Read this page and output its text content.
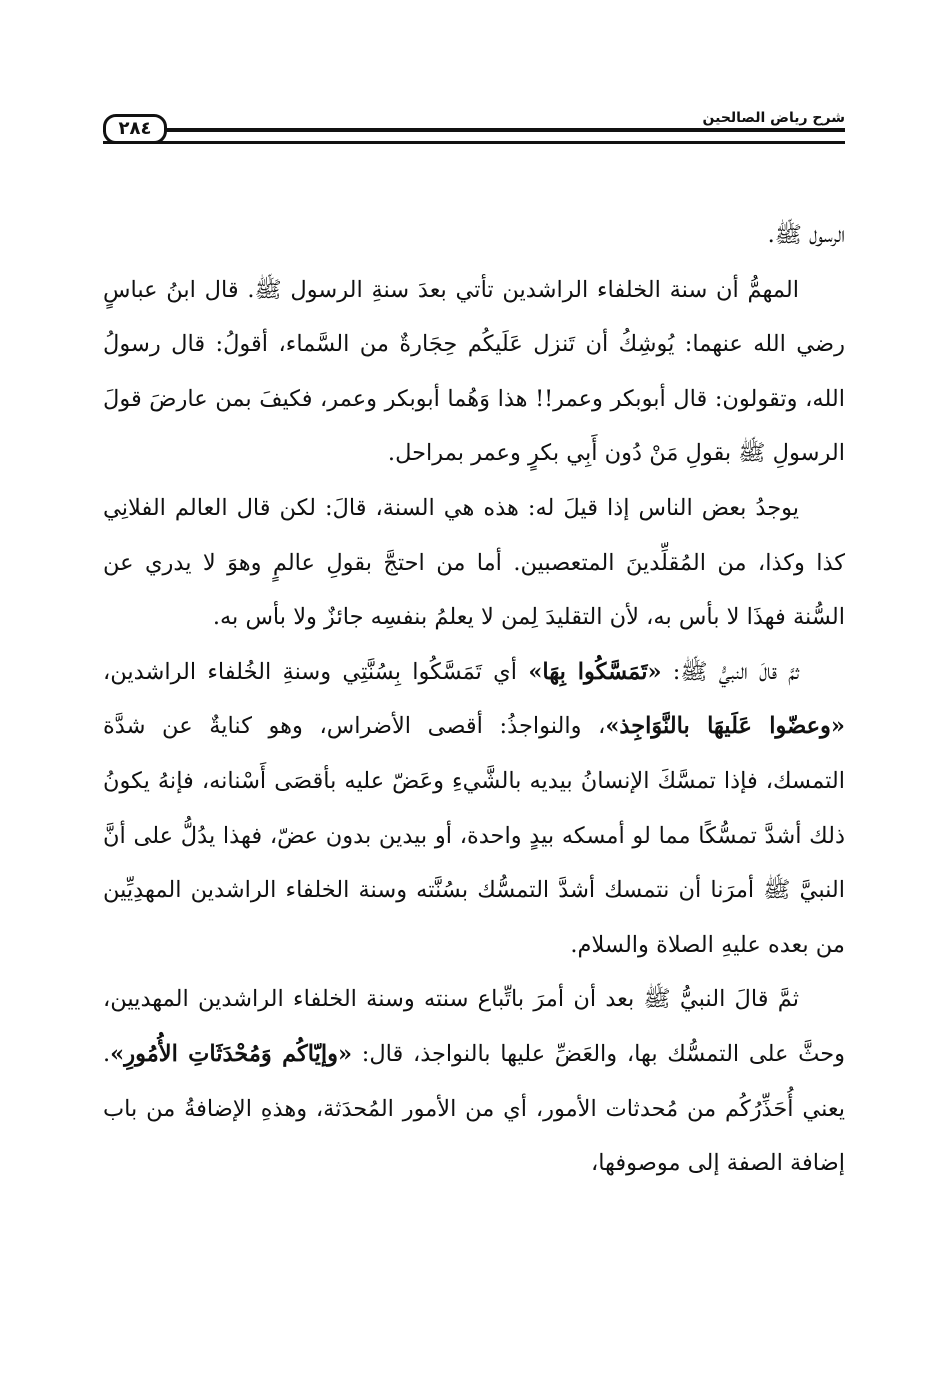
شرح رياض الصالحين
٢٨٤

الرسول ﷺ.

المهمُّ أن سنة الخلفاء الراشدين تأتي بعدَ سنةِ الرسول ﷺ. قال ابنُ عباسٍ رضي الله عنهما: يُوشِكُ أن تَنزل عَلَيكُم حِجَارةٌ من السَّماء، أقولُ: قال رسولُ الله، وتقولون: قال أبوبكر وعمر!! هذا وَهُما أبوبكر وعمر، فكيفَ بمن عارضَ قولَ الرسولِ ﷺ بقولِ مَنْ دُون أَبِي بكرٍ وعمر بمراحل.

يوجدُ بعض الناس إذا قيلَ له: هذه هي السنة، قالَ: لكن قال العالم الفلانِي كذا وكذا، من المُقلِّدينَ المتعصبين. أما من احتجَّ بقولِ عالمٍ وهوَ لا يدري عن السُّنة فهذَا لا بأس به، لأن التقليدَ لِمن لا يعلمُ بنفسِه جائزٌ ولا بأس به.

ثمَّ قالَ النبيُّ ﷺ: «تَمَسَّكُوا بِهَا» أي تَمَسَّكُوا بِسُنَّتِي وسنةِ الخُلفاء الراشدين، «وعضّوا عَلَيهَا بالنَّوَاجِذ»، والنواجذُ: أقصى الأضراس، وهو كنايةٌ عن شدَّة التمسك، فإذا تمسَّكَ الإنسانُ بيديه بالشَّيءِ وعَضّ عليه بأقصَى أَسْنانه، فإنهُ يكونُ ذلك أشدَّ تمسُّكًا مما لو أمسكه بيدٍ واحدة، أو بيدين بدون عضّ، فهذا يدُلُّ على أنَّ النبيَّ ﷺ أمرَنا أن نتمسك أشدَّ التمسُّك بسُنَّته وسنة الخلفاء الراشدين المهدِيِّين من بعده عليهِ الصلاة والسلام.

ثمَّ قالَ النبيُّ ﷺ بعد أن أمرَ باتِّباع سنته وسنة الخلفاء الراشدين المهديين، وحثَّ على التمسُّك بها، والعَضِّ عليها بالنواجذ، قال: «وإيّاكُم وَمُحْدَثَاتِ الأُمُورِ». يعني أُحَذِّرُكُم من مُحدثات الأمور، أي من الأمور المُحدَثة، وهذهِ الإضافةُ من باب إضافة الصفة إلى موصوفها،
